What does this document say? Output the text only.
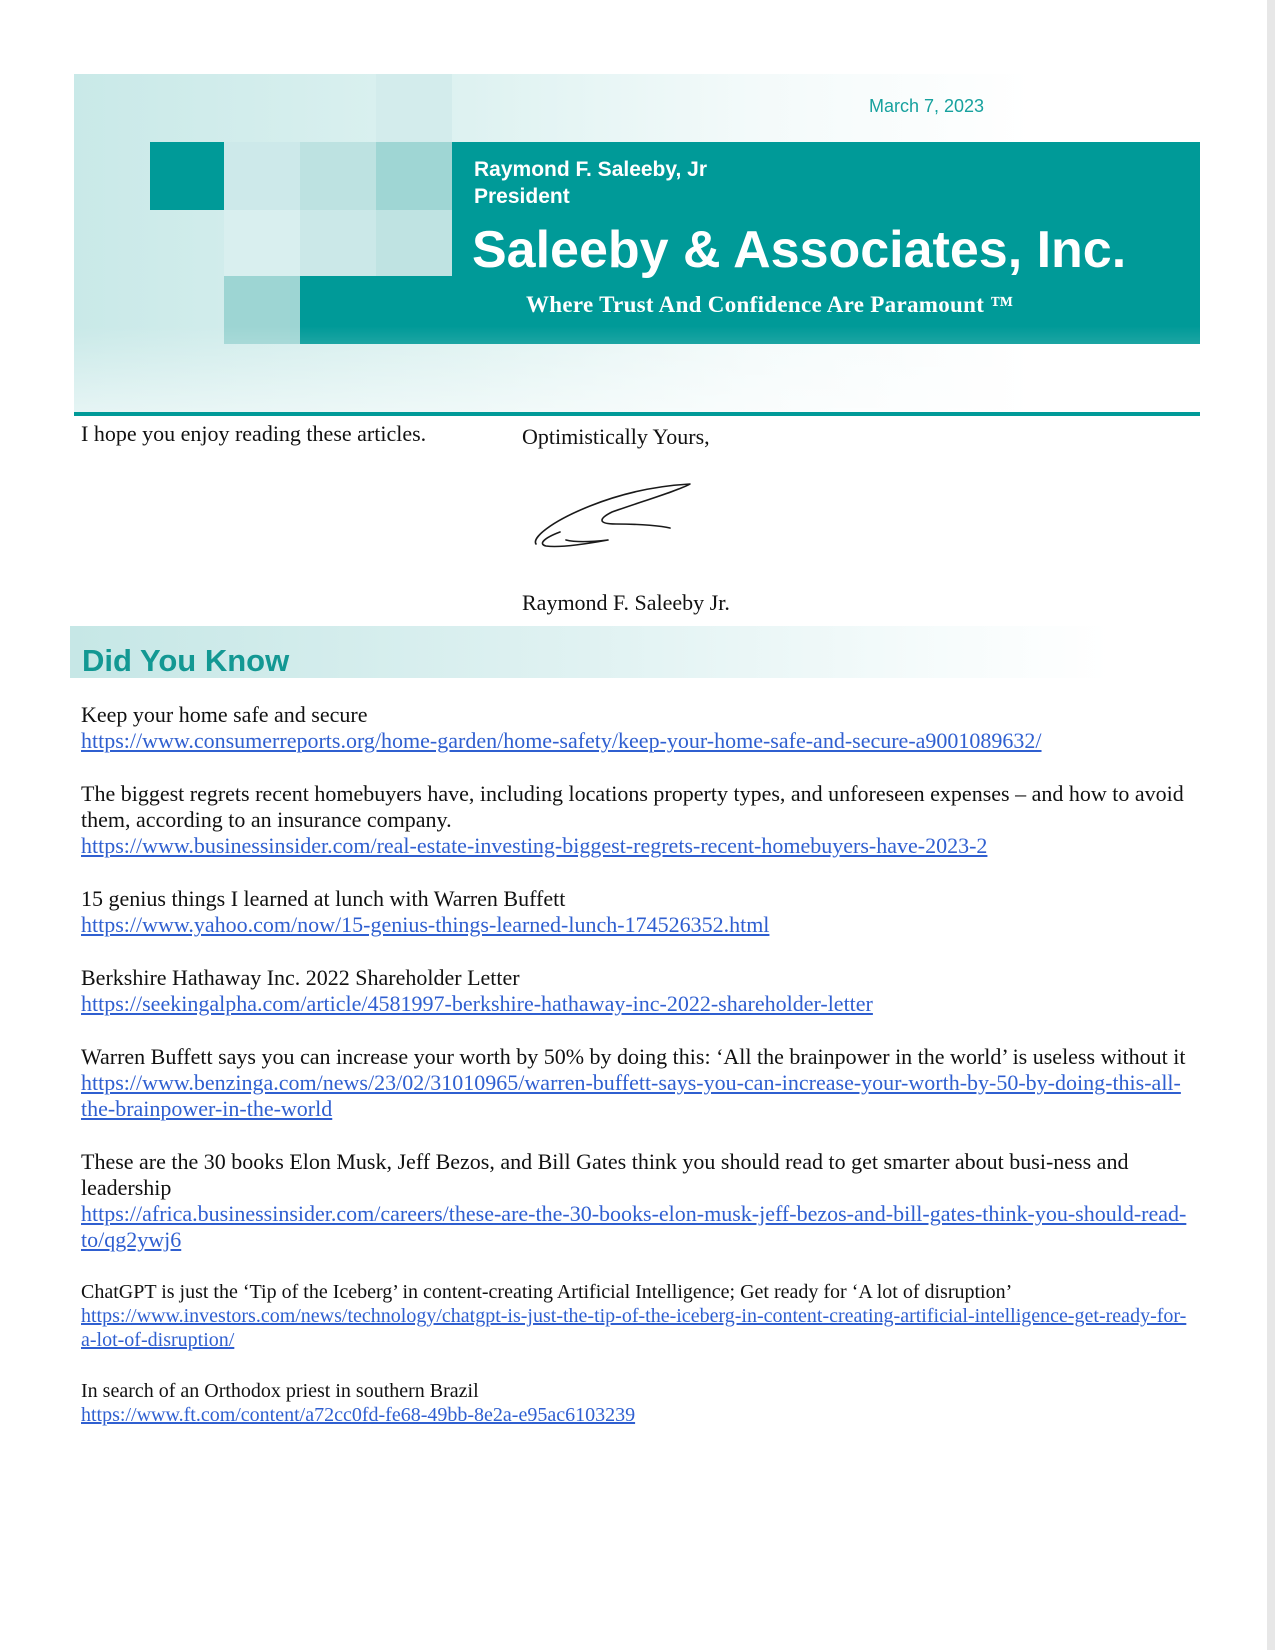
March 7, 2023
Raymond F. Saleeby, Jr
President
Saleeby & Associates, Inc.
Where Trust And Confidence Are Paramount ™
I hope you enjoy reading these articles.	Optimistically Yours,
Raymond F. Saleeby Jr.
Did You Know
Keep your home safe and secure
https://www.consumerreports.org/home-garden/home-safety/keep-your-home-safe-and-secure-a9001089632/
The biggest regrets recent homebuyers have, including locations property types, and unforeseen expenses – and how to avoid them, according to an insurance company.
https://www.businessinsider.com/real-estate-investing-biggest-regrets-recent-homebuyers-have-2023-2
15 genius things I learned at lunch with Warren Buffett
https://www.yahoo.com/now/15-genius-things-learned-lunch-174526352.html
Berkshire Hathaway Inc. 2022 Shareholder Letter
https://seekingalpha.com/article/4581997-berkshire-hathaway-inc-2022-shareholder-letter
Warren Buffett says you can increase your worth by 50% by doing this: ‘All the brainpower in the world’ is useless without it
https://www.benzinga.com/news/23/02/31010965/warren-buffett-says-you-can-increase-your-worth-by-50-by-doing-this-all-the-brainpower-in-the-world
These are the 30 books Elon Musk, Jeff Bezos, and Bill Gates think you should read to get smarter about busi-ness and leadership
https://africa.businessinsider.com/careers/these-are-the-30-books-elon-musk-jeff-bezos-and-bill-gates-think-you-should-read-to/qg2ywj6
ChatGPT is just the ‘Tip of the Iceberg’ in content-creating Artificial Intelligence; Get ready for ‘A lot of disruption’
https://www.investors.com/news/technology/chatgpt-is-just-the-tip-of-the-iceberg-in-content-creating-artificial-intelligence-get-ready-for-a-lot-of-disruption/
In search of an Orthodox priest in southern Brazil
https://www.ft.com/content/a72cc0fd-fe68-49bb-8e2a-e95ac6103239
